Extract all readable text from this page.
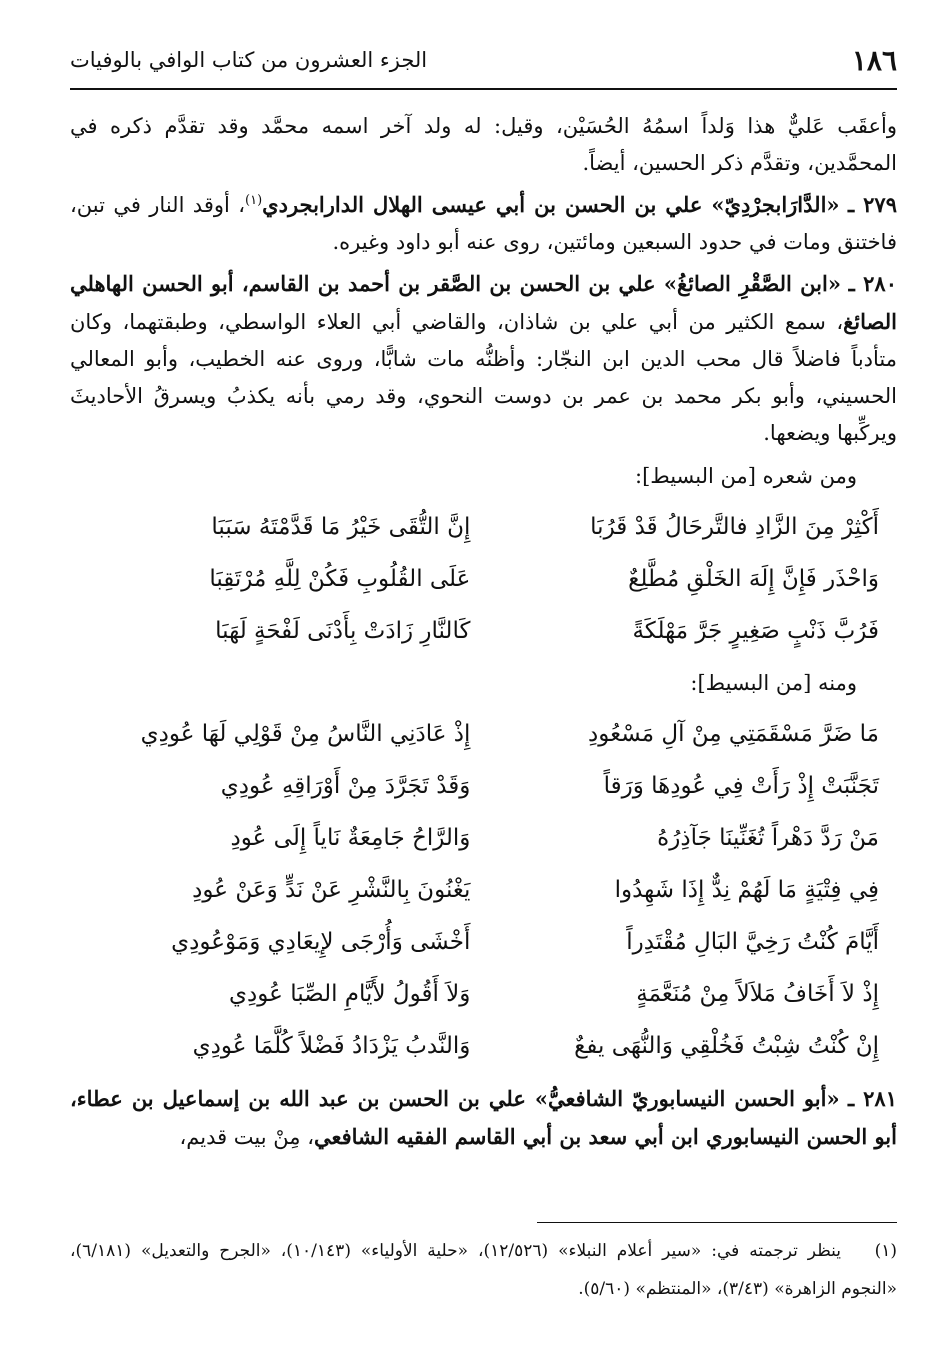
١٨٦
الجزء العشرون من كتاب الوافي بالوفيات

وأعقَب عَليٌّ هذا وَلداً اسمُهُ الحُسَيْن، وقيل: له ولد آخر اسمه محمَّد وقد تقدَّم ذكره في المحمَّدين، وتقدَّم ذكر الحسين، أيضاً.

٢٧٩ ـ «الدَّارَابجرْدِيّ» علي بن الحسن بن أبي عيسى الهلال الدارابجردي$^{(١)}$، أوقد النار في تبن، فاختنق ومات في حدود السبعين ومائتين، روى عنه أبو داود وغيره.

٢٨٠ ـ «ابن الصَّقْرِ الصائغُ» علي بن الحسن بن الصَّقر بن أحمد بن القاسم، أبو الحسن الهاهلي الصائغ، سمع الكثير من أبي علي بن شاذان، والقاضي أبي العلاء الواسطي، وطبقتهما، وكان متأدباً فاضلاً قال محب الدين ابن النجّار: وأظنُّه مات شابًّا، وروى عنه الخطيب، وأبو المعالي الحسيني، وأبو بكر محمد بن عمر بن دوست النحوي، وقد رمي بأنه يكذبُ ويسرقُ الأحاديثَ ويركِّبها ويضعها.

ومن شعره [من البسيط]:

أَكْثِرْ مِنَ الزَّادِ فالتَّرحَالُ قَدْ قَرُبَا
إِنَّ التُّقَى خَيْرُ مَا قَدَّمْتَهُ سَبَبَا
وَاحْذَر فَإِنَّ إِلَهَ الخَلْقِ مُطَّلِعٌ
عَلَى القُلُوبِ فَكُنْ لِلَّهِ مُرْتَقِبَا
فَرُبَّ ذَنْبٍ صَغِيرٍ جَرَّ مَهْلَكَةً
كَالنَّارِ زَادَتْ بِأَدْنَى لَفْحَةٍ لَهَبَا

ومنه [من البسيط]:

مَا ضَرَّ مَسْقَمَتِي مِنْ آلِ مَسْعُودِ
إِذْ عَادَنِي النَّاسُ مِنْ قَوْلِي لَهَا عُودِي
تَجَنَّبَتْ إِذْ رَأَتْ فِي عُودِهَا وَرَقاً
وَقَدْ تَجَرَّدَ مِنْ أَوْرَاقِهِ عُودِي
مَنْ رَدَّ دَهْراً تُغَنِّينَا جَآذِرُهُ
وَالرَّاحُ جَامِعَةٌ نَاياً إِلَى عُودِ
فِي فِتْيَةٍ مَا لَهُمْ نِدٌّ إِذَا شَهِدُوا
يَغْنُونَ بِالنَّشْرِ عَنْ نَدٍّ وَعَنْ عُودِ
أَيَّامَ كُنْتُ رَخِيَّ البَالِ مُقْتَدِراً
أَخْشَى وَأُرْجَى لإِيعَادِي وَمَوْعُودِي
إِذْ لاَ أَخَافُ مَلاَلاً مِنْ مُنَعَّمَةٍ
وَلاَ أَقُولُ لأَيَّامِ الصِّبَا عُودِي
إِنْ كُنْتُ شِبْتُ فَخُلْقِي وَالنُّهَى يفعٌ
وَالنَّدبُ يَزْدَادُ فَضْلاً كُلَّمَا عُودِي

٢٨١ ـ «أبو الحسن النيسابوريّ الشافعيُّ» علي بن الحسن بن عبد الله بن إسماعيل بن عطاء، أبو الحسن النيسابوري ابن أبي سعد بن أبي القاسم الفقيه الشافعي، مِنْ بيت قديم،

(١)ينظر ترجمته في: «سير أعلام النبلاء» (١٢/٥٢٦)، «حلية الأولياء» (١٠/١٤٣)، «الجرح والتعديل» (٦/١٨١)، «النجوم الزاهرة» (٣/٤٣)، «المنتظم» (٥/٦٠).
